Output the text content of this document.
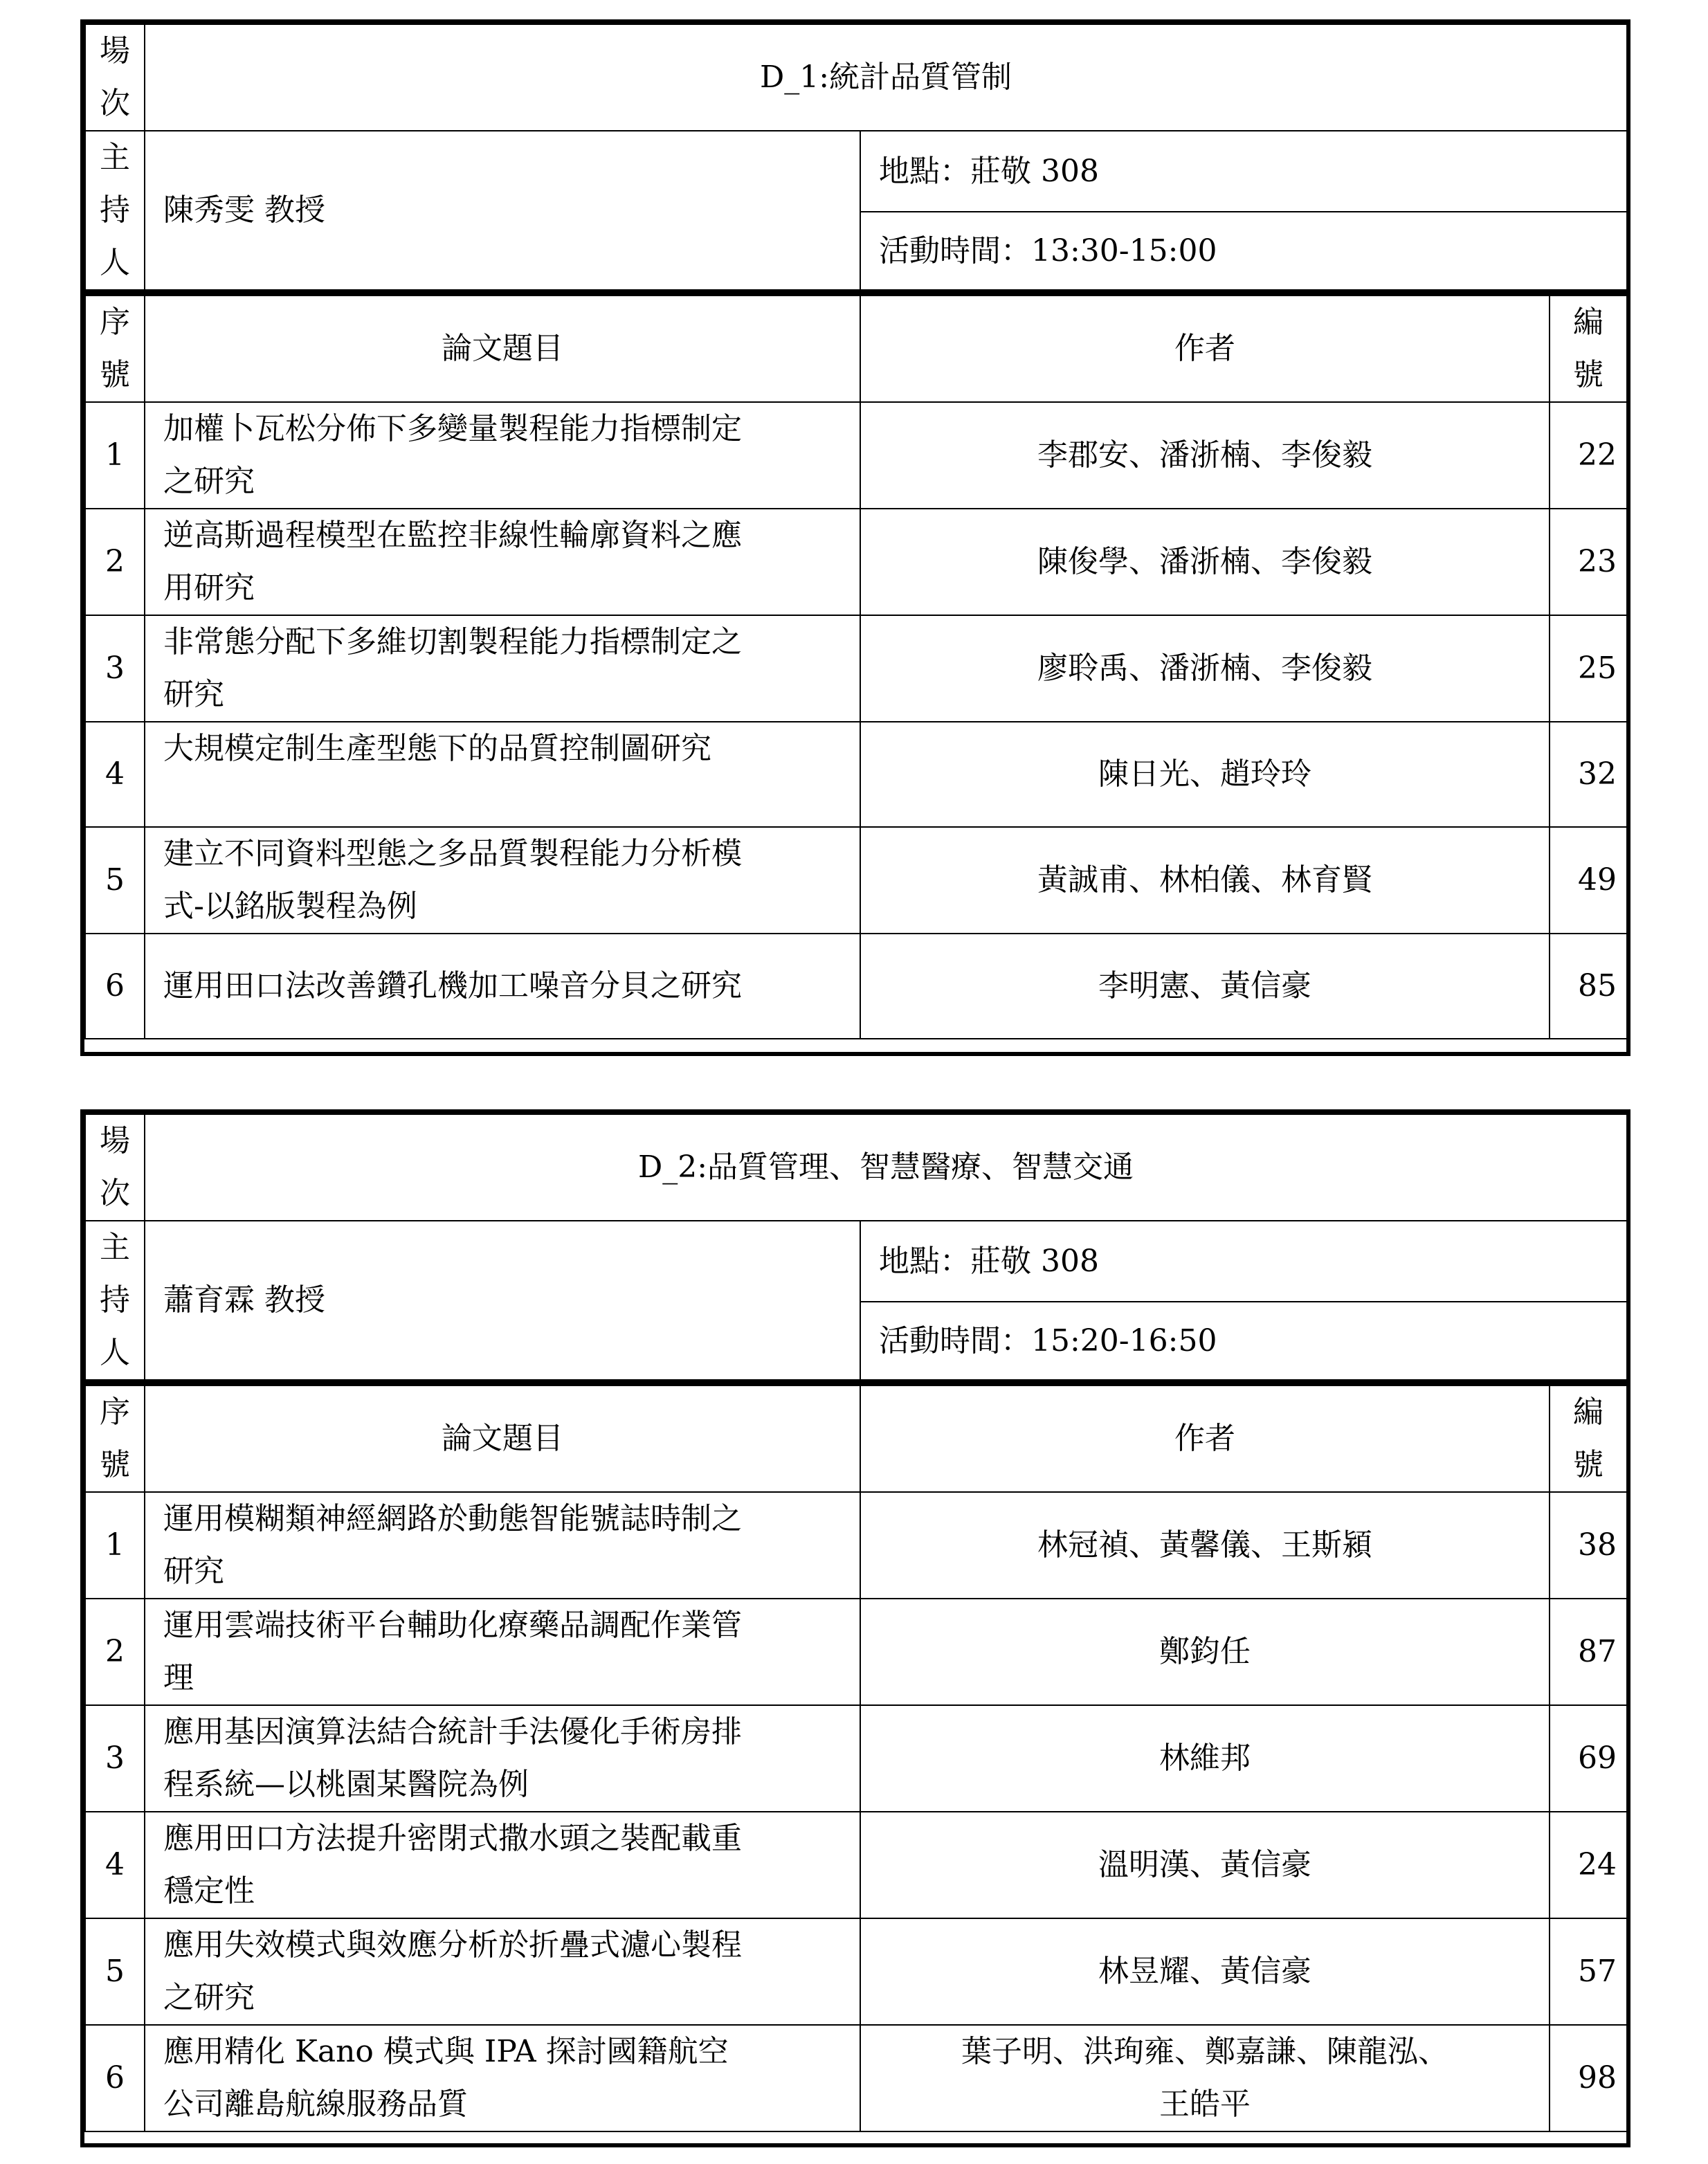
場
次	D_1:統計品質管制		

主
持
人	陳秀雯 教授	地點：莊敬 308	
		活動時間：13:30-15:00	

序
號	論文題目	作者	編
號

1	加權卜瓦松分佈下多變量製程能力指標制定
之研究	李郡安、潘浙楠、李俊毅	22
2	逆高斯過程模型在監控非線性輪廓資料之應
用研究	陳俊學、潘浙楠、李俊毅	23
3	非常態分配下多維切割製程能力指標制定之
研究	廖聆禹、潘浙楠、李俊毅	25
4	大規模定制生產型態下的品質控制圖研究	陳日光、趙玲玲	32
5	建立不同資料型態之多品質製程能力分析模
式-以銘版製程為例	黃誠甫、林柏儀、林育賢	49
6	運用田口法改善鑽孔機加工噪音分貝之研究	李明憲、黃信豪	85
場
次	D_2:品質管理、智慧醫療、智慧交通		

主
持
人	蕭育霖 教授	地點：莊敬 308	
		活動時間：15:20-16:50	

序
號	論文題目	作者	編
號

1	運用模糊類神經網路於動態智能號誌時制之
研究	林冠禎、黃馨儀、王斯潁	38
2	運用雲端技術平台輔助化療藥品調配作業管
理	鄭鈞任	87
3	應用基因演算法結合統計手法優化手術房排
程系統—以桃園某醫院為例	林維邦	69
4	應用田口方法提升密閉式撒水頭之裝配載重
穩定性	溫明漢、黃信豪	24
5	應用失效模式與效應分析於折疊式濾心製程
之研究	林昱耀、黃信豪	57
6	應用精化 Kano 模式與 IPA 探討國籍航空
公司離島航線服務品質	葉子明、洪珣雍、鄭嘉謙、陳龍泓、
王皓平	98
